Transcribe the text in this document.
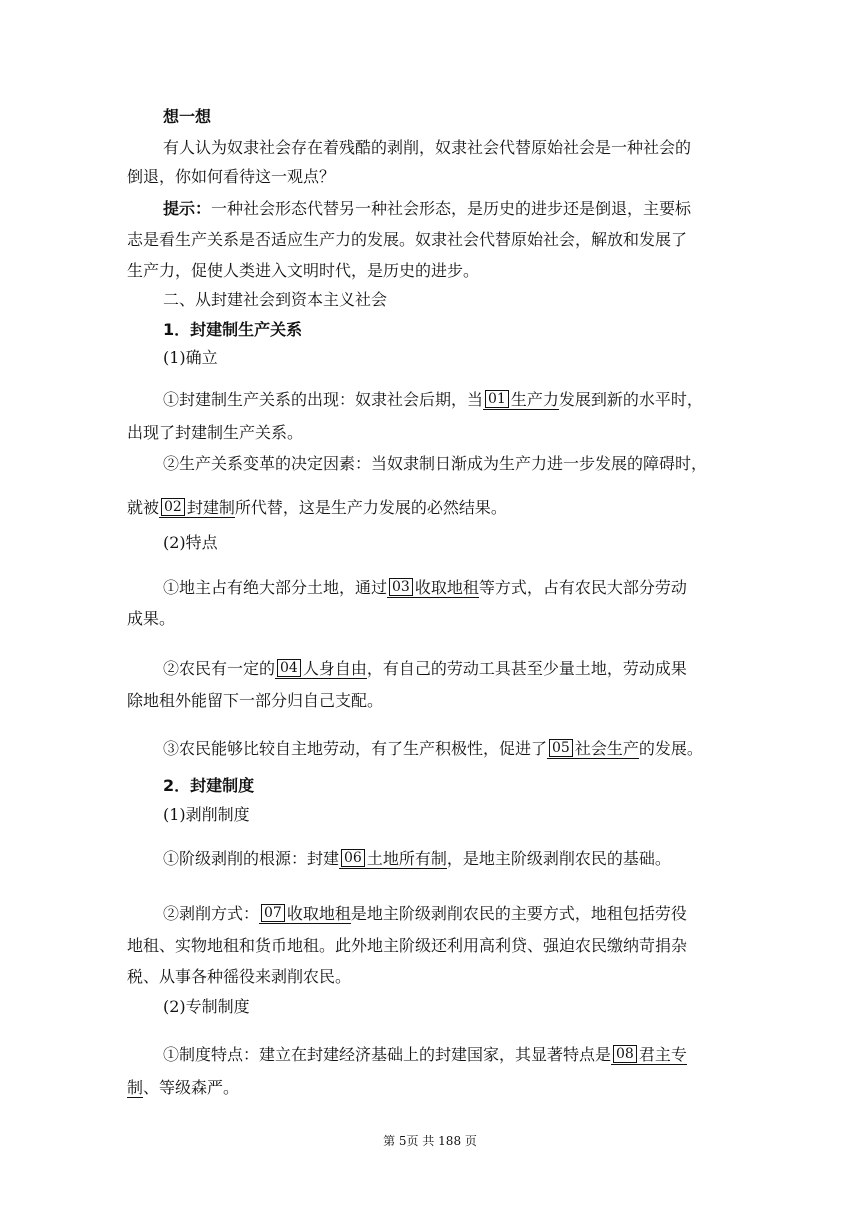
想一想
有人认为奴隶社会存在着残酷的剥削，奴隶社会代替原始社会是一种社会的
倒退，你如何看待这一观点？
提示：一种社会形态代替另一种社会形态，是历史的进步还是倒退，主要标
志是看生产关系是否适应生产力的发展。奴隶社会代替原始社会，解放和发展了
生产力，促使人类进入文明时代，是历史的进步。
二、从封建社会到资本主义社会
1．封建制生产关系
(1)确立
①封建制生产关系的出现：奴隶社会后期，当 01 生产力发展到新的水平时，
出现了封建制生产关系。
②生产关系变革的决定因素：当奴隶制日渐成为生产力进一步发展的障碍时，
就被 02 封建制所代替，这是生产力发展的必然结果。
(2)特点
①地主占有绝大部分土地，通过 03 收取地租等方式，占有农民大部分劳动
成果。
②农民有一定的 04 人身自由，有自己的劳动工具甚至少量土地，劳动成果
除地租外能留下一部分归自己支配。
③农民能够比较自主地劳动，有了生产积极性，促进了 05 社会生产的发展。
2．封建制度
(1)剥削制度
①阶级剥削的根源：封建 06 土地所有制，是地主阶级剥削农民的基础。
②剥削方式： 07 收取地租是地主阶级剥削农民的主要方式，地租包括劳役
地租、实物地租和货币地租。此外地主阶级还利用高利贷、强迫农民缴纳苛捐杂
税、从事各种徭役来剥削农民。
(2)专制制度
①制度特点：建立在封建经济基础上的封建国家，其显著特点是 08 君主专
制、等级森严。
第 5页 共 188 页
